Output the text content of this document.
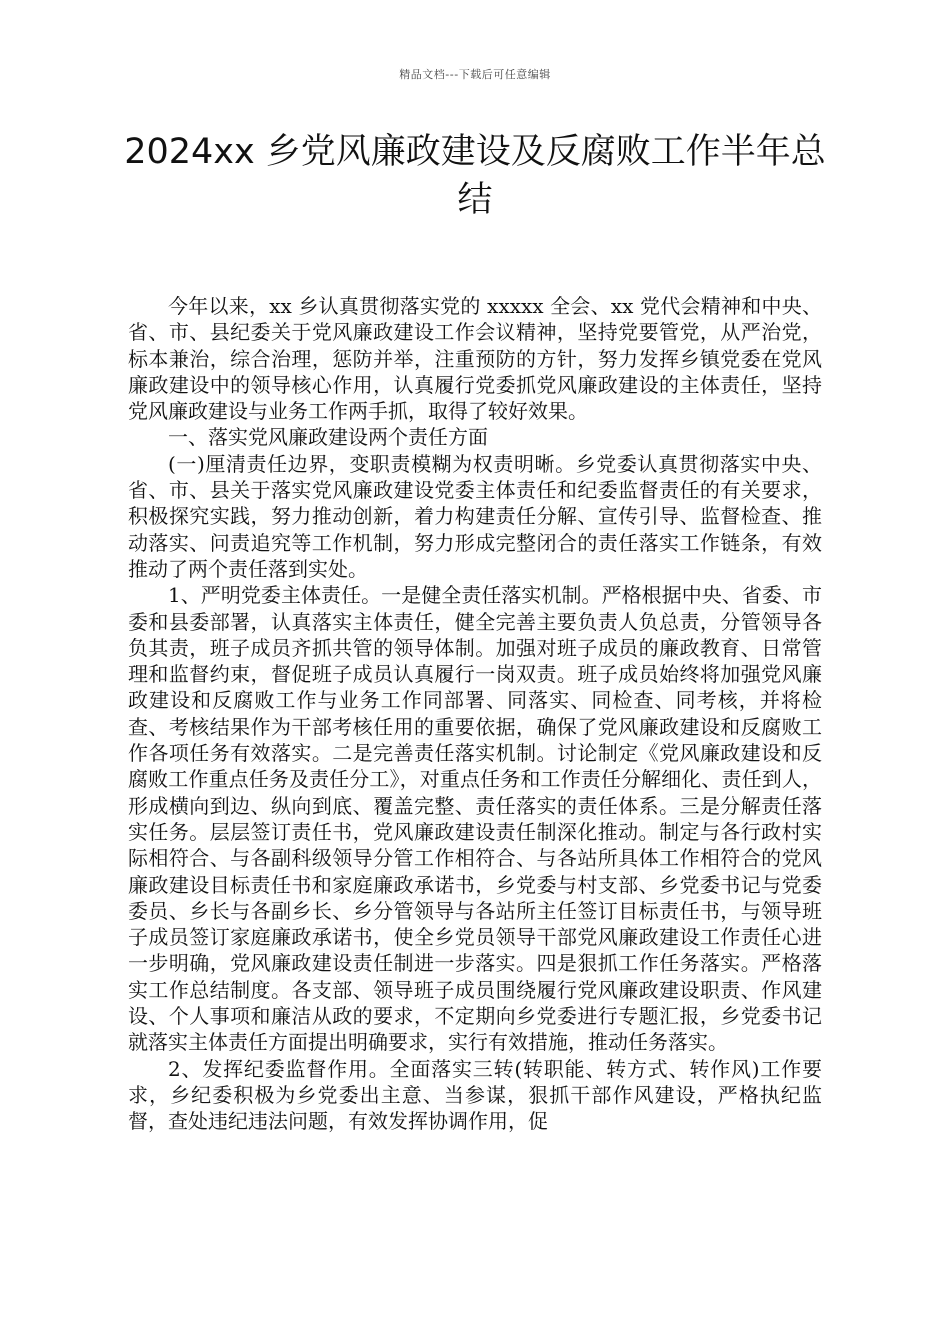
精品文档---下载后可任意编辑
2024xx 乡党风廉政建设及反腐败工作半年总结

今年以来，xx 乡认真贯彻落实党的 xxxxx 全会、xx 党代会精神和中央、省、市、县纪委关于党风廉政建设工作会议精神，坚持党要管党，从严治党，标本兼治，综合治理，惩防并举，注重预防的方针，努力发挥乡镇党委在党风廉政建设中的领导核心作用，认真履行党委抓党风廉政建设的主体责任，坚持党风廉政建设与业务工作两手抓，取得了较好效果。

一、落实党风廉政建设两个责任方面

(一)厘清责任边界，变职责模糊为权责明晰。乡党委认真贯彻落实中央、省、市、县关于落实党风廉政建设党委主体责任和纪委监督责任的有关要求，积极探究实践，努力推动创新，着力构建责任分解、宣传引导、监督检查、推动落实、问责追究等工作机制，努力形成完整闭合的责任落实工作链条，有效推动了两个责任落到实处。

1、严明党委主体责任。一是健全责任落实机制。严格根据中央、省委、市委和县委部署，认真落实主体责任，健全完善主要负责人负总责，分管领导各负其责，班子成员齐抓共管的领导体制。加强对班子成员的廉政教育、日常管理和监督约束，督促班子成员认真履行一岗双责。班子成员始终将加强党风廉政建设和反腐败工作与业务工作同部署、同落实、同检查、同考核，并将检查、考核结果作为干部考核任用的重要依据，确保了党风廉政建设和反腐败工作各项任务有效落实。二是完善责任落实机制。讨论制定《党风廉政建设和反腐败工作重点任务及责任分工》，对重点任务和工作责任分解细化、责任到人，形成横向到边、纵向到底、覆盖完整、责任落实的责任体系。三是分解责任落实任务。层层签订责任书，党风廉政建设责任制深化推动。制定与各行政村实际相符合、与各副科级领导分管工作相符合、与各站所具体工作相符合的党风廉政建设目标责任书和家庭廉政承诺书，乡党委与村支部、乡党委书记与党委委员、乡长与各副乡长、乡分管领导与各站所主任签订目标责任书，与领导班子成员签订家庭廉政承诺书，使全乡党员领导干部党风廉政建设工作责任心进一步明确，党风廉政建设责任制进一步落实。四是狠抓工作任务落实。严格落实工作总结制度。各支部、领导班子成员围绕履行党风廉政建设职责、作风建设、个人事项和廉洁从政的要求，不定期向乡党委进行专题汇报，乡党委书记就落实主体责任方面提出明确要求，实行有效措施，推动任务落实。

2、发挥纪委监督作用。全面落实三转(转职能、转方式、转作风)工作要求，乡纪委积极为乡党委出主意、当参谋，狠抓干部作风建设，严格执纪监督，查处违纪违法问题，有效发挥协调作用，促
